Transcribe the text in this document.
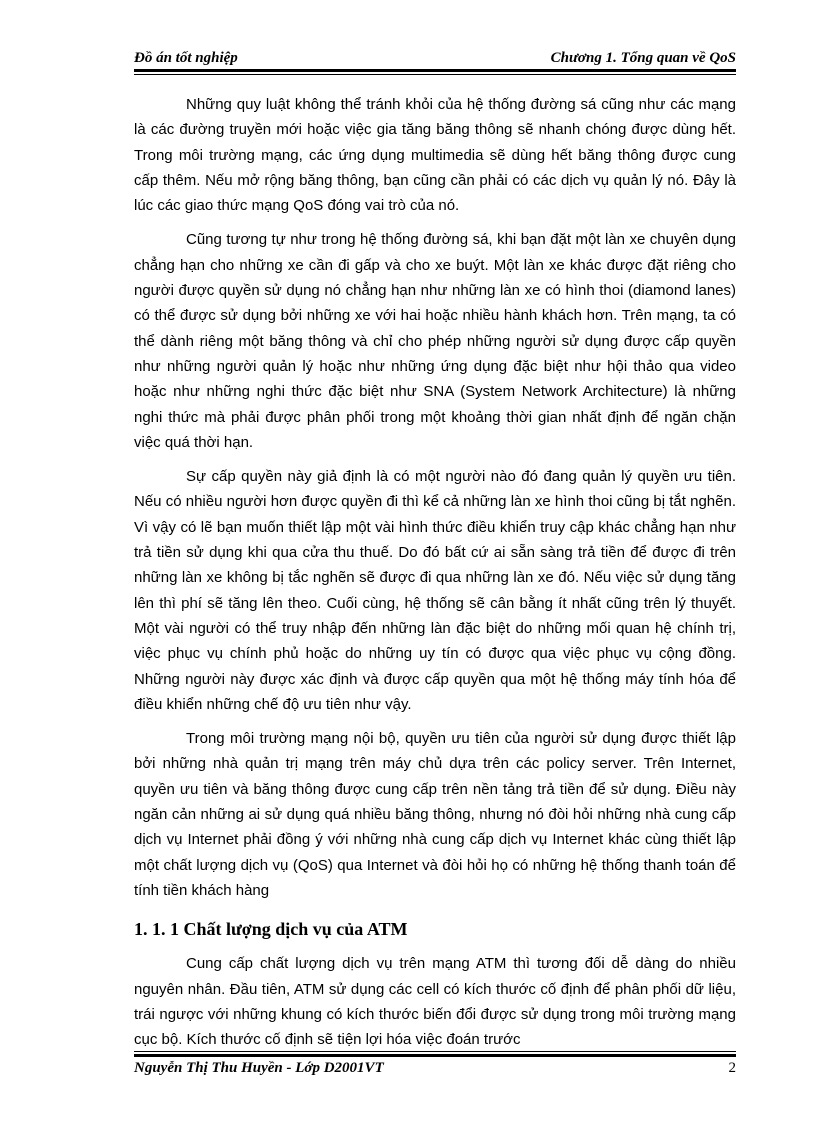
Đồ án tốt nghiệp	Chương 1. Tổng quan về QoS

Những quy luật không thể tránh khỏi của hệ thống đường sá cũng như các mạng là các đường truyền mới hoặc việc gia tăng băng thông sẽ nhanh chóng được dùng hết. Trong môi trường mạng, các ứng dụng multimedia sẽ dùng hết băng thông được cung cấp thêm. Nếu mở rộng băng thông, bạn cũng cần phải có các dịch vụ quản lý nó. Đây là lúc các giao thức mạng QoS đóng vai trò của nó.

Cũng tương tự như trong hệ thống đường sá, khi bạn đặt một làn xe chuyên dụng chẳng hạn cho những xe cần đi gấp và cho xe buýt. Một làn xe khác được đặt riêng cho người được quyền sử dụng nó chẳng hạn như những làn xe có hình thoi (diamond lanes) có thể được sử dụng bởi những xe với hai hoặc nhiều hành khách hơn. Trên mạng, ta có thể dành riêng một băng thông và chỉ cho phép những người sử dụng được cấp quyền như những người quản lý hoặc như những ứng dụng đặc biệt như hội thảo qua video hoặc như những nghi thức đặc biệt như SNA (System Network Architecture) là những nghi thức mà phải được phân phối trong một khoảng thời gian nhất định để ngăn chặn việc quá thời hạn.

Sự cấp quyền này giả định là có một người nào đó đang quản lý quyền ưu tiên. Nếu có nhiều người hơn được quyền đi thì kể cả những làn xe hình thoi cũng bị tắt nghẽn. Vì vậy có lẽ bạn muốn thiết lập một vài hình thức điều khiển truy cập khác chẳng hạn như trả tiền sử dụng khi qua cửa thu thuế. Do đó bất cứ ai sẵn sàng trả tiền để được đi trên những làn xe không bị tắc nghẽn sẽ được đi qua những làn xe đó. Nếu việc sử dụng tăng lên thì phí sẽ tăng lên theo. Cuối cùng, hệ thống sẽ cân bằng ít nhất cũng trên lý thuyết. Một vài người có thể truy nhập đến những làn đặc biệt do những mối quan hệ chính trị, việc phục vụ chính phủ hoặc do những uy tín có được qua việc phục vụ cộng đồng. Những người này được xác định và được cấp quyền qua một hệ thống máy tính hóa để điều khiển những chế độ ưu tiên như vậy.

Trong môi trường mạng nội bộ, quyền ưu tiên của người sử dụng được thiết lập bởi những nhà quản trị mạng trên máy chủ dựa trên các policy server. Trên Internet, quyền ưu tiên và băng thông được cung cấp trên nền tảng trả tiền để sử dụng. Điều này ngăn cản những ai sử dụng quá nhiều băng thông, nhưng nó đòi hỏi những nhà cung cấp dịch vụ Internet phải đồng ý với những nhà cung cấp dịch vụ Internet khác cùng thiết lập một chất lượng dịch vụ (QoS) qua Internet và đòi hỏi họ có những hệ thống thanh toán để tính tiền khách hàng

1. 1. 1 Chất lượng dịch vụ của ATM

Cung cấp chất lượng dịch vụ trên mạng ATM thì tương đối dễ dàng do nhiều nguyên nhân. Đầu tiên, ATM sử dụng các cell có kích thước cố định để phân phối dữ liệu, trái ngược với những khung có kích thước biến đổi được sử dụng trong môi trường mạng cục bộ. Kích thước cố định sẽ tiện lợi hóa việc đoán trước

Nguyễn Thị Thu Huyền - Lớp D2001VT	2
